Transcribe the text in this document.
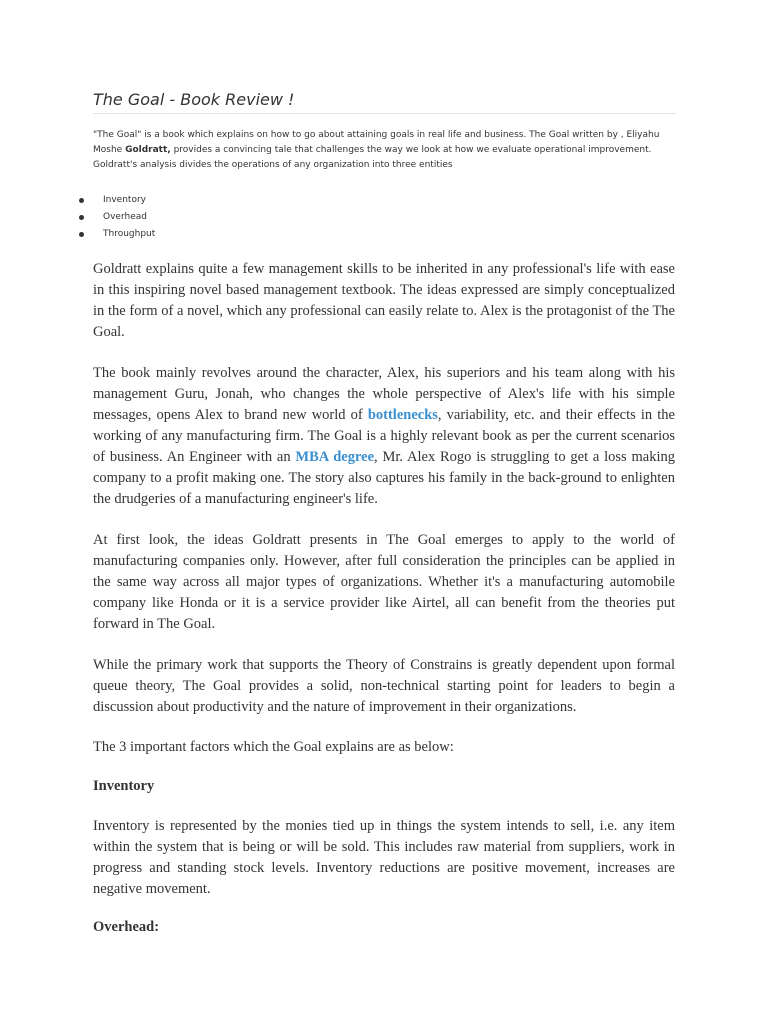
The Goal - Book Review !

"The Goal" is a book which explains on how to go about attaining goals in real life and business. The Goal written by , Eliyahu Moshe Goldratt, provides a convincing tale that challenges the way we look at how we evaluate operational improvement. Goldratt's analysis divides the operations of any organization into three entities

Inventory
Overhead
Throughput

Goldratt explains quite a few management skills to be inherited in any professional's life with ease in this inspiring novel based management textbook. The ideas expressed are simply conceptualized in the form of a novel, which any professional can easily relate to. Alex is the protagonist of the The Goal.

The book mainly revolves around the character, Alex, his superiors and his team along with his management Guru, Jonah, who changes the whole perspective of Alex's life with his simple messages, opens Alex to brand new world of bottlenecks, variability, etc. and their effects in the working of any manufacturing firm. The Goal is a highly relevant book as per the current scenarios of business. An Engineer with an MBA degree, Mr. Alex Rogo is struggling to get a loss making company to a profit making one. The story also captures his family in the back-ground to enlighten the drudgeries of a manufacturing engineer's life.

At first look, the ideas Goldratt presents in The Goal emerges to apply to the world of manufacturing companies only. However, after full consideration the principles can be applied in the same way across all major types of organizations. Whether it's a manufacturing automobile company like Honda or it is a service provider like Airtel, all can benefit from the theories put forward in The Goal.

While the primary work that supports the Theory of Constrains is greatly dependent upon formal queue theory, The Goal provides a solid, non-technical starting point for leaders to begin a discussion about productivity and the nature of improvement in their organizations.

The 3 important factors which the Goal explains are as below:

Inventory

Inventory is represented by the monies tied up in things the system intends to sell, i.e. any item within the system that is being or will be sold. This includes raw material from suppliers, work in progress and standing stock levels. Inventory reductions are positive movement, increases are negative movement.

Overhead:
